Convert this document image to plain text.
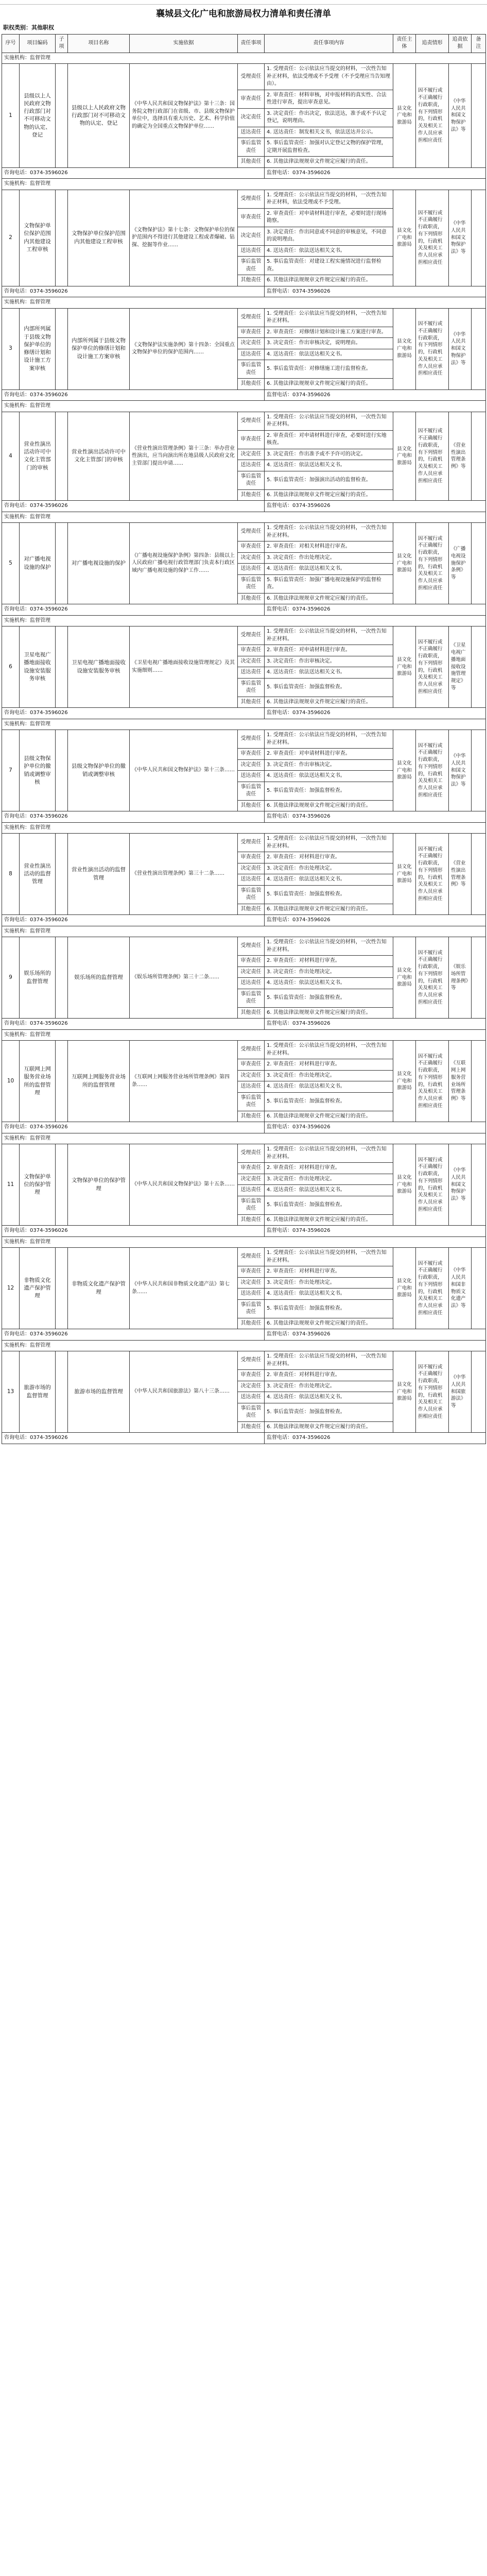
襄城县文化广电和旅游局权力清单和责任清单
职权类别：其他职权
序号	项目编码	子项	项目名称	实施依据	责任事项	责任事项内容	责任主体	追责情形	追责依据	备注
实施机构：监督管理										
1	县级以上人民政府文物行政部门对不可移动文物的认定、登记		县级以上人民政府文物行政部门对不可移动文物的认定、登记	《中华人民共和国文物保护法》第十三条：国务院文物行政部门在省级、市、县级文物保护单位中，选择具有重大历史、艺术、科学价值的确定为全国重点文物保护单位……	受理责任	1. 受理责任：公示依法应当提交的材料，一次性告知补正材料，依法受理或不予受理（不予受理应当告知理由）。	县文化广电和旅游局	因不履行或不正确履行行政职责，有下列情形的，行政机关及相关工作人员应承担相应责任	《中华人民共和国文物保护法》等	
					审查责任	2. 审查责任：材料审核，对申报材料的真实性、合法性进行审查，提出审查意见。				
					决定责任	3. 决定责任：作出决定，依法送达，准予或不予认定登记，说明理由。				
					送达责任	4. 送达责任：制发相关文书，依法送达并公示。				
					事后监管责任	5. 事后监管责任：加强对认定登记文物的保护管理，定期开展监督检查。				
					其他责任	6. 其他法律法规规章文件规定应履行的责任。				
咨询电话：0374-3596026						监督电话：0374-3596026				
实施机构：监督管理										
2	文物保护单位保护范围内其他建设工程审核		文物保护单位保护范围内其他建设工程审核	《文物保护法》第十七条：文物保护单位的保护范围内不得进行其他建设工程或者爆破、钻探、挖掘等作业……	受理责任	1. 受理责任：公示依法应当提交的材料，一次性告知补正材料，依法受理或不予受理。	县文化广电和旅游局	因不履行或不正确履行行政职责，有下列情形的，行政机关及相关工作人员应承担相应责任	《中华人民共和国文物保护法》等	
					审查责任	2. 审查责任：对申请材料进行审查，必要时进行现场勘察。				
					决定责任	3. 决定责任：作出同意或不同意的审核意见，不同意的说明理由。				
					送达责任	4. 送达责任：依法送达相关文书。				
					事后监管责任	5. 事后监管责任：对建设工程实施情况进行监督检查。				
					其他责任	6. 其他法律法规规章文件规定应履行的责任。				
咨询电话：0374-3596026						监督电话：0374-3596026				
实施机构：监督管理										
3	内部所列属于县级文物保护单位的修缮计划和设计施工方案审核		内部所列属于县级文物保护单位的修缮计划和设计施工方案审核	《文物保护法实施条例》第十四条：全国重点文物保护单位的保护范围内……	受理责任	1. 受理责任：公示依法应当提交的材料，一次性告知补正材料。	县文化广电和旅游局	因不履行或不正确履行行政职责，有下列情形的，行政机关及相关工作人员应承担相应责任	《中华人民共和国文物保护法》等	
					审查责任	2. 审查责任：对修缮计划和设计施工方案进行审查。				
					决定责任	3. 决定责任：作出审核决定，说明理由。				
					送达责任	4. 送达责任：依法送达相关文书。				
					事后监管责任	5. 事后监管责任：对修缮施工进行监督检查。				
					其他责任	6. 其他法律法规规章文件规定应履行的责任。				
咨询电话：0374-3596026						监督电话：0374-3596026				
实施机构：监督管理										
4	营业性演出活动许可中文化主管部门的审核		营业性演出活动许可中文化主管部门的审核	《营业性演出管理条例》第十三条：举办营业性演出，应当向演出所在地县级人民政府文化主管部门提出申请……	受理责任	1. 受理责任：公示依法应当提交的材料，一次性告知补正材料。	县文化广电和旅游局	因不履行或不正确履行行政职责，有下列情形的，行政机关及相关工作人员应承担相应责任	《营业性演出管理条例》等	
					审查责任	2. 审查责任：对申请材料进行审查，必要时进行实地核查。				
					决定责任	3. 决定责任：作出准予或不予许可的决定。				
					送达责任	4. 送达责任：依法送达相关文书。				
					事后监管责任	5. 事后监管责任：加强演出活动的监督检查。				
					其他责任	6. 其他法律法规规章文件规定应履行的责任。				
咨询电话：0374-3596026						监督电话：0374-3596026				
实施机构：监督管理										
5	对广播电视设施的保护		对广播电视设施的保护	《广播电视设施保护条例》第四条：县级以上人民政府广播电视行政管理部门负责本行政区域内广播电视设施的保护工作……	受理责任	1. 受理责任：公示依法应当提交的材料，一次性告知补正材料。	县文化广电和旅游局	因不履行或不正确履行行政职责，有下列情形的，行政机关及相关工作人员应承担相应责任	《广播电视设施保护条例》等	
					审查责任	2. 审查责任：对相关材料进行审查。				
					决定责任	3. 决定责任：作出处理决定。				
					送达责任	4. 送达责任：依法送达相关文书。				
					事后监管责任	5. 事后监管责任：加强广播电视设施保护的监督检查。				
					其他责任	6. 其他法律法规规章文件规定应履行的责任。				
咨询电话：0374-3596026						监督电话：0374-3596026				
实施机构：监督管理										
6	卫星电视广播地面接收设施安装服务审核		卫星电视广播地面接收设施安装服务审核	《卫星电视广播地面接收设施管理规定》及其实施细则……	受理责任	1. 受理责任：公示依法应当提交的材料，一次性告知补正材料。	县文化广电和旅游局	因不履行或不正确履行行政职责，有下列情形的，行政机关及相关工作人员应承担相应责任	《卫星电视广播地面接收设施管理规定》等	
					审查责任	2. 审查责任：对申请材料进行审查。				
					决定责任	3. 决定责任：作出审核决定。				
					送达责任	4. 送达责任：依法送达相关文书。				
					事后监管责任	5. 事后监管责任：加强监督检查。				
					其他责任	6. 其他法律法规规章文件规定应履行的责任。				
咨询电话：0374-3596026						监督电话：0374-3596026				
实施机构：监督管理										
7	县级文物保护单位的撤销或调整审核		县级文物保护单位的撤销或调整审核	《中华人民共和国文物保护法》第十三条……	受理责任	1. 受理责任：公示依法应当提交的材料，一次性告知补正材料。	县文化广电和旅游局	因不履行或不正确履行行政职责，有下列情形的，行政机关及相关工作人员应承担相应责任	《中华人民共和国文物保护法》等	
					审查责任	2. 审查责任：对申请材料进行审查。				
					决定责任	3. 决定责任：作出审核决定。				
					送达责任	4. 送达责任：依法送达相关文书。				
					事后监管责任	5. 事后监管责任：加强监督检查。				
					其他责任	6. 其他法律法规规章文件规定应履行的责任。				
咨询电话：0374-3596026						监督电话：0374-3596026				
实施机构：监督管理										
8	营业性演出活动的监督管理		营业性演出活动的监督管理	《营业性演出管理条例》第三十二条……	受理责任	1. 受理责任：公示依法应当提交的材料，一次性告知补正材料。	县文化广电和旅游局	因不履行或不正确履行行政职责，有下列情形的，行政机关及相关工作人员应承担相应责任	《营业性演出管理条例》等	
					审查责任	2. 审查责任：对材料进行审查。				
					决定责任	3. 决定责任：作出处理决定。				
					送达责任	4. 送达责任：依法送达相关文书。				
					事后监管责任	5. 事后监管责任：加强监督检查。				
					其他责任	6. 其他法律法规规章文件规定应履行的责任。				
咨询电话：0374-3596026						监督电话：0374-3596026				
实施机构：监督管理										
9	娱乐场所的监督管理		娱乐场所的监督管理	《娱乐场所管理条例》第三十二条……	受理责任	1. 受理责任：公示依法应当提交的材料，一次性告知补正材料。	县文化广电和旅游局	因不履行或不正确履行行政职责，有下列情形的，行政机关及相关工作人员应承担相应责任	《娱乐场所管理条例》等	
					审查责任	2. 审查责任：对材料进行审查。				
					决定责任	3. 决定责任：作出处理决定。				
					送达责任	4. 送达责任：依法送达相关文书。				
					事后监管责任	5. 事后监管责任：加强监督检查。				
					其他责任	6. 其他法律法规规章文件规定应履行的责任。				
咨询电话：0374-3596026						监督电话：0374-3596026				
实施机构：监督管理										
10	互联网上网服务营业场所的监督管理		互联网上网服务营业场所的监督管理	《互联网上网服务营业场所管理条例》第四条……	受理责任	1. 受理责任：公示依法应当提交的材料，一次性告知补正材料。	县文化广电和旅游局	因不履行或不正确履行行政职责，有下列情形的，行政机关及相关工作人员应承担相应责任	《互联网上网服务营业场所管理条例》等	
					审查责任	2. 审查责任：对材料进行审查。				
					决定责任	3. 决定责任：作出处理决定。				
					送达责任	4. 送达责任：依法送达相关文书。				
					事后监管责任	5. 事后监管责任：加强监督检查。				
					其他责任	6. 其他法律法规规章文件规定应履行的责任。				
咨询电话：0374-3596026						监督电话：0374-3596026				
实施机构：监督管理										
11	文物保护单位的保护管理		文物保护单位的保护管理	《中华人民共和国文物保护法》第十五条……	受理责任	1. 受理责任：公示依法应当提交的材料，一次性告知补正材料。	县文化广电和旅游局	因不履行或不正确履行行政职责，有下列情形的，行政机关及相关工作人员应承担相应责任	《中华人民共和国文物保护法》等	
					审查责任	2. 审查责任：对材料进行审查。				
					决定责任	3. 决定责任：作出处理决定。				
					送达责任	4. 送达责任：依法送达相关文书。				
					事后监管责任	5. 事后监管责任：加强监督检查。				
					其他责任	6. 其他法律法规规章文件规定应履行的责任。				
咨询电话：0374-3596026						监督电话：0374-3596026				
实施机构：监督管理										
12	非物质文化遗产保护管理		非物质文化遗产保护管理	《中华人民共和国非物质文化遗产法》第七条……	受理责任	1. 受理责任：公示依法应当提交的材料，一次性告知补正材料。	县文化广电和旅游局	因不履行或不正确履行行政职责，有下列情形的，行政机关及相关工作人员应承担相应责任	《中华人民共和国非物质文化遗产法》等	
					审查责任	2. 审查责任：对材料进行审查。				
					决定责任	3. 决定责任：作出处理决定。				
					送达责任	4. 送达责任：依法送达相关文书。				
					事后监管责任	5. 事后监管责任：加强监督检查。				
					其他责任	6. 其他法律法规规章文件规定应履行的责任。				
咨询电话：0374-3596026						监督电话：0374-3596026				
实施机构：监督管理										
13	旅游市场的监督管理		旅游市场的监督管理	《中华人民共和国旅游法》第八十三条……	受理责任	1. 受理责任：公示依法应当提交的材料，一次性告知补正材料。	县文化广电和旅游局	因不履行或不正确履行行政职责，有下列情形的，行政机关及相关工作人员应承担相应责任	《中华人民共和国旅游法》等	
					审查责任	2. 审查责任：对材料进行审查。				
					决定责任	3. 决定责任：作出处理决定。				
					送达责任	4. 送达责任：依法送达相关文书。				
					事后监管责任	5. 事后监管责任：加强监督检查。				
					其他责任	6. 其他法律法规规章文件规定应履行的责任。				
咨询电话：0374-3596026						监督电话：0374-3596026				
